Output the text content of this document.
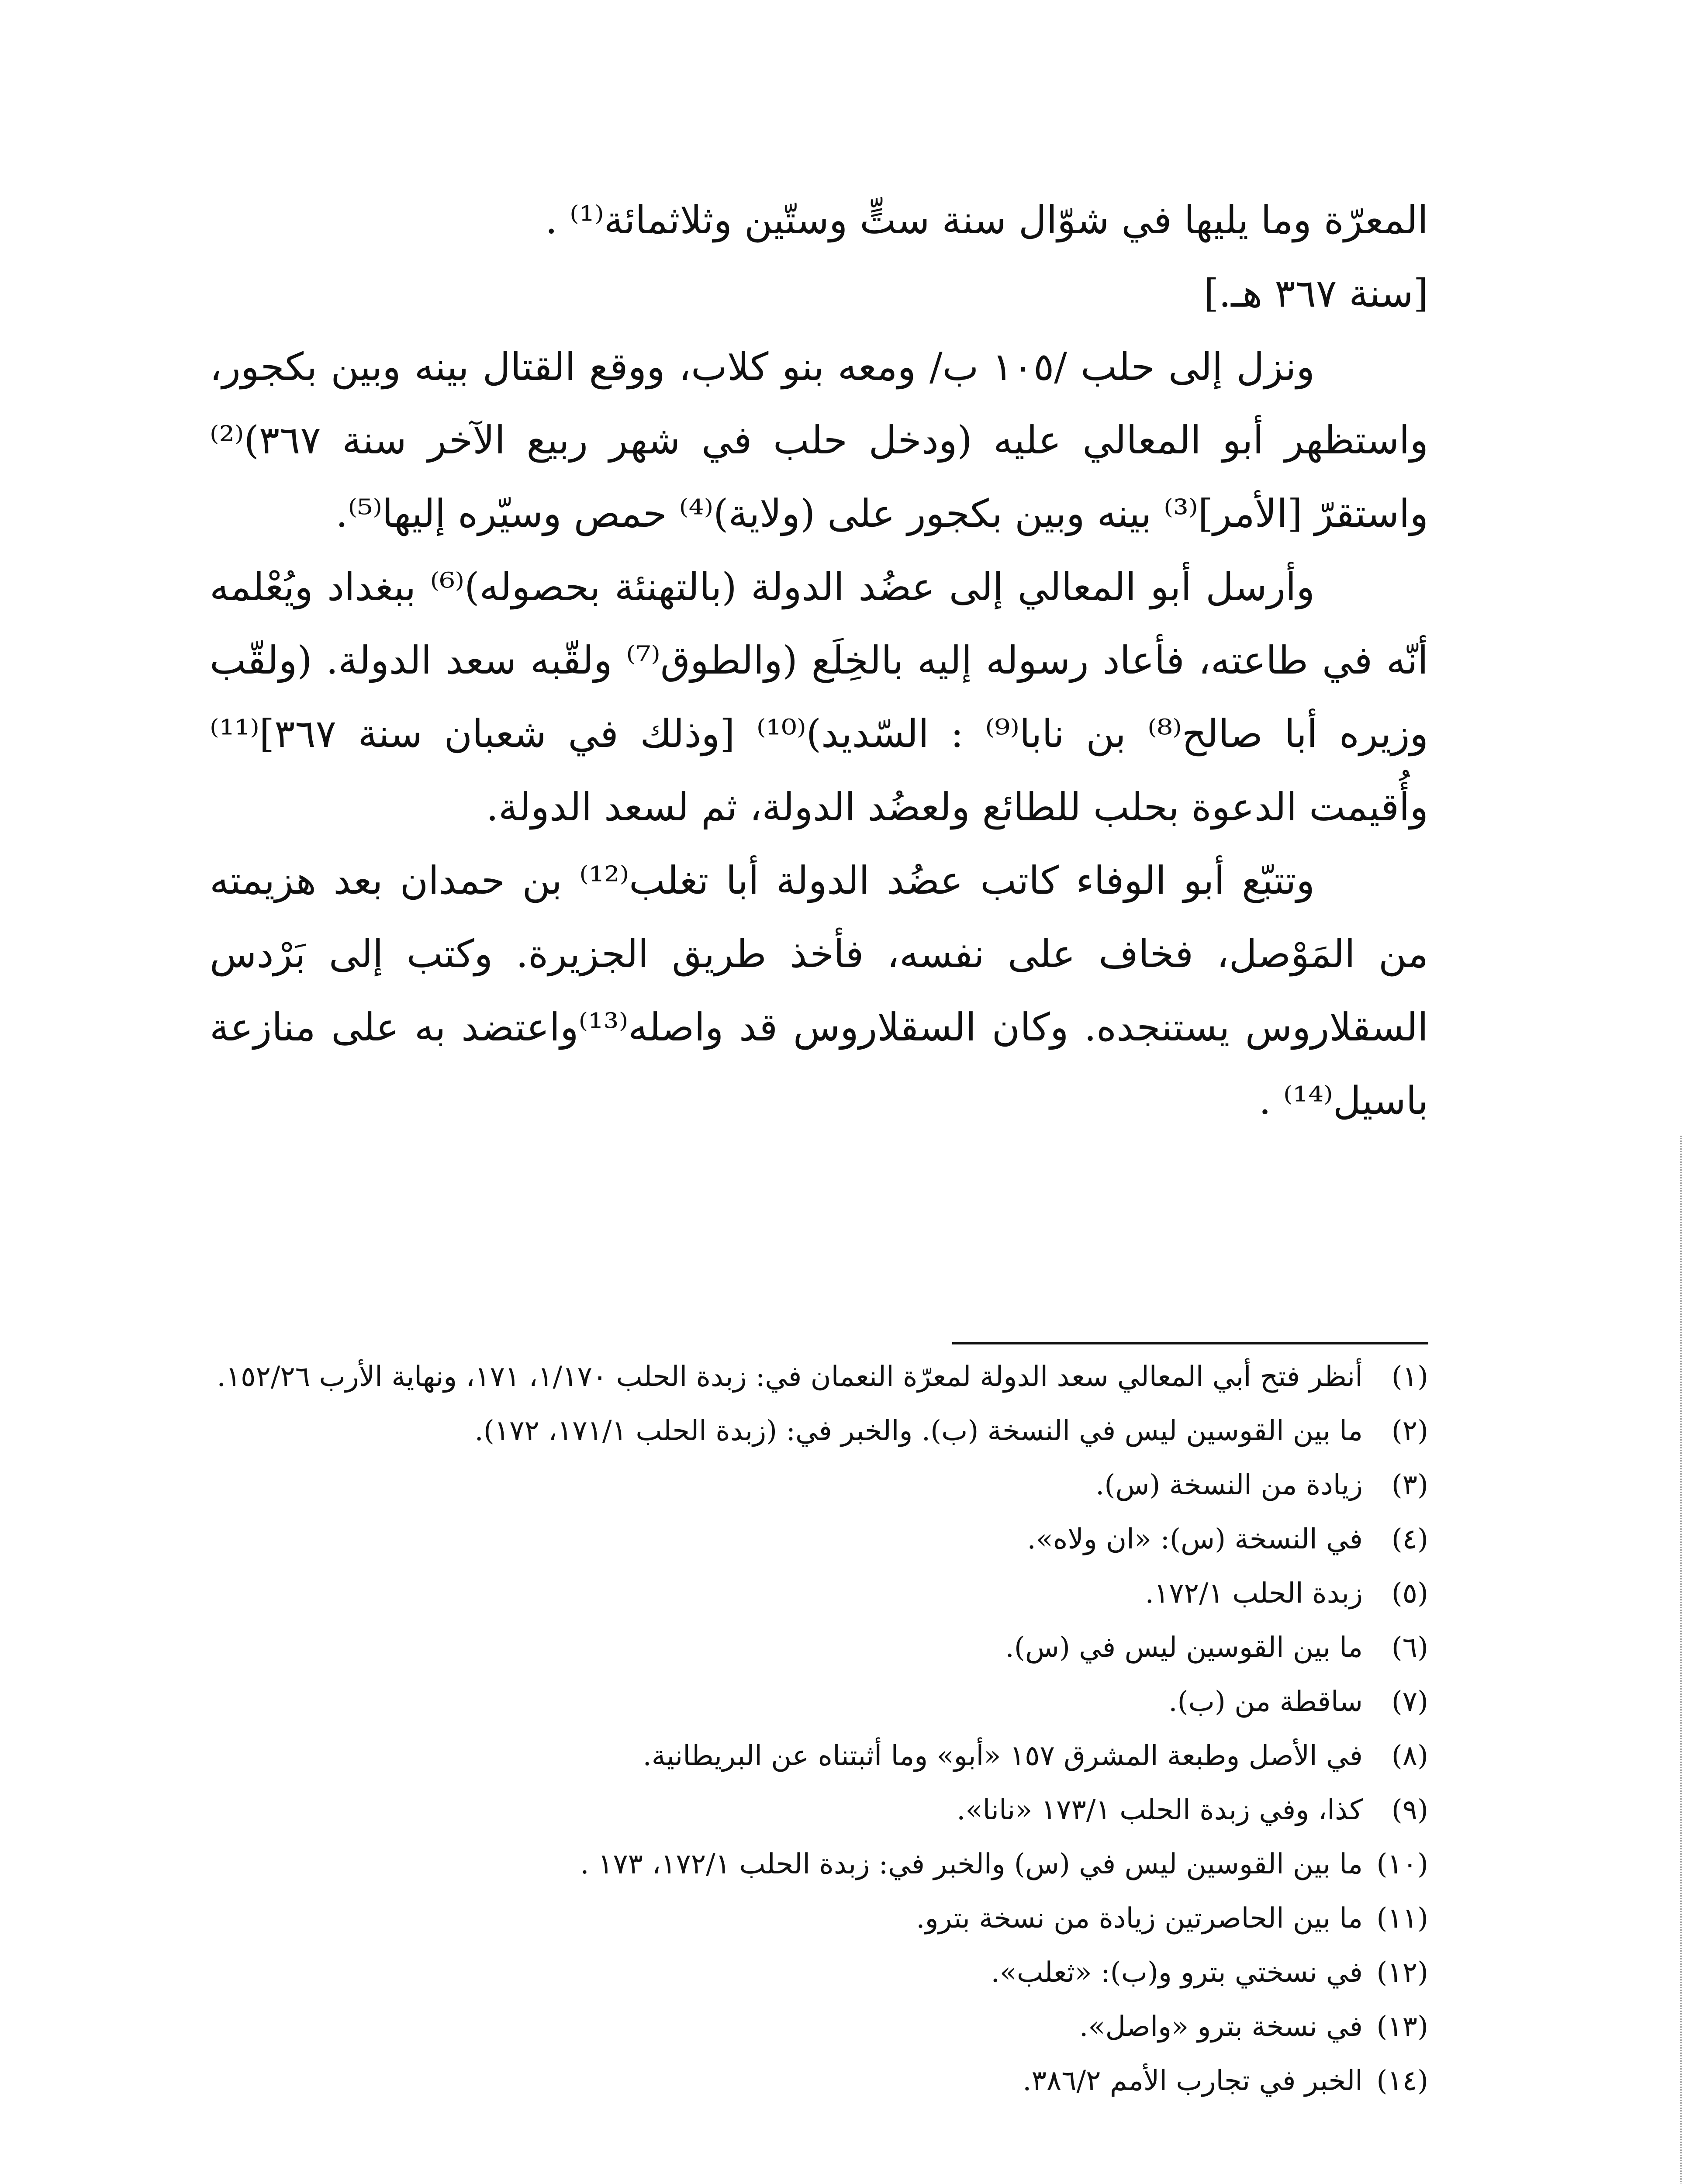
المعرّة وما يليها في شوّال سنة ستٍّ وستّين وثلاثمائة⁽¹⁾ .

[سنة ٣٦٧ هـ.]

ونزل إلى حلب /١٠٥ ب/ ومعه بنو كلاب، ووقع القتال بينه وبين بكجور، واستظهر أبو المعالي عليه (ودخل حلب في شهر ربيع الآخر سنة ٣٦٧)⁽²⁾ واستقرّ [الأمر]⁽³⁾ بينه وبين بكجور على (ولاية)⁽⁴⁾ حمص وسيّره إليها⁽⁵⁾.

وأرسل أبو المعالي إلى عضُد الدولة (بالتهنئة بحصوله)⁽⁶⁾ ببغداد ويُعْلمه أنّه في طاعته، فأعاد رسوله إليه بالخِلَع (والطوق⁽⁷⁾ ولقّبه سعد الدولة. (ولقّب وزيره أبا صالح⁽⁸⁾ بن نابا⁽⁹⁾ : السّديد)⁽¹⁰⁾ [وذلك في شعبان سنة ٣٦٧]⁽¹¹⁾ وأُقيمت الدعوة بحلب للطائع ولعضُد الدولة، ثم لسعد الدولة.

وتتبّع أبو الوفاء كاتب عضُد الدولة أبا تغلب⁽¹²⁾ بن حمدان بعد هزيمته من المَوْصل، فخاف على نفسه، فأخذ طريق الجزيرة. وكتب إلى بَرْدس السقلاروس يستنجده. وكان السقلاروس قد واصله⁽¹³⁾واعتضد به على منازعة باسيل⁽¹⁴⁾ .

(١)
أنظر فتح أبي المعالي سعد الدولة لمعرّة النعمان في: زبدة الحلب ١/١٧٠، ١٧١، ونهاية الأرب ١٥٢/٢٦.
(٢)
ما بين القوسين ليس في النسخة (ب). والخبر في: (زبدة الحلب ١٧١/١، ١٧٢).
(٣)
زيادة من النسخة (س).
(٤)
في النسخة (س): «ان ولاه».
(٥)
زبدة الحلب ١٧٢/١.
(٦)
ما بين القوسين ليس في (س).
(٧)
ساقطة من (ب).
(٨)
في الأصل وطبعة المشرق ١٥٧ «أبو» وما أثبتناه عن البريطانية.
(٩)
كذا، وفي زبدة الحلب ١٧٣/١ «نانا».
(١٠)
ما بين القوسين ليس في (س) والخبر في: زبدة الحلب ١٧٢/١، ١٧٣ .
(١١)
ما بين الحاصرتين زيادة من نسخة بترو.
(١٢)
في نسختي بترو و(ب): «ثعلب».
(١٣)
في نسخة بترو «واصل».
(١٤)
الخبر في تجارب الأمم ٣٨٦/٢.
